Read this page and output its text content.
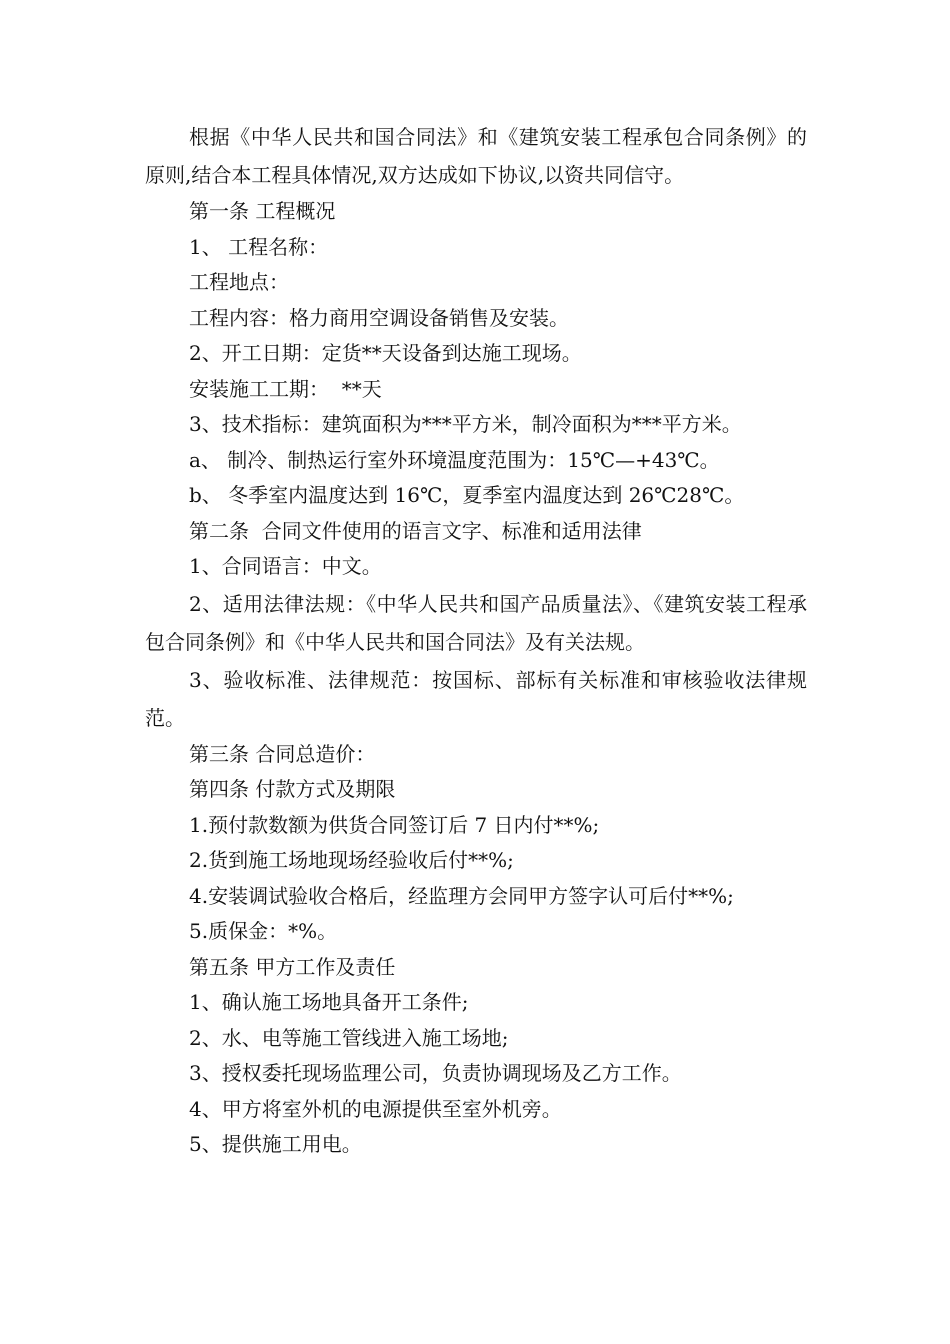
根据《中华人民共和国合同法》和《建筑安装工程承包合同条例》的原则,结合本工程具体情况,双方达成如下协议,以资共同信守。

第一条 工程概况

1、 工程名称：

工程地点：

工程内容：格力商用空调设备销售及安装。

2、开工日期：定货**天设备到达施工现场。

安装施工工期：  **天

3、技术指标：建筑面积为***平方米，制冷面积为***平方米。

a、 制冷、制热运行室外环境温度范围为：15℃—+43℃。

b、 冬季室内温度达到 16℃，夏季室内温度达到 26℃28℃。

第二条  合同文件使用的语言文字、标准和适用法律

1、合同语言：中文。

2、适用法律法规：《中华人民共和国产品质量法》、《建筑安装工程承包合同条例》和《中华人民共和国合同法》及有关法规。

3、验收标准、法律规范：按国标、部标有关标准和审核验收法律规范。

第三条 合同总造价：

第四条 付款方式及期限

1.预付款数额为供货合同签订后 7 日内付**%;

2.货到施工场地现场经验收后付**%;

4.安装调试验收合格后，经监理方会同甲方签字认可后付**%;

5.质保金：*%。

第五条 甲方工作及责任

1、确认施工场地具备开工条件;

2、水、电等施工管线进入施工场地;

3、授权委托现场监理公司，负责协调现场及乙方工作。

4、甲方将室外机的电源提供至室外机旁。

5、提供施工用电。
